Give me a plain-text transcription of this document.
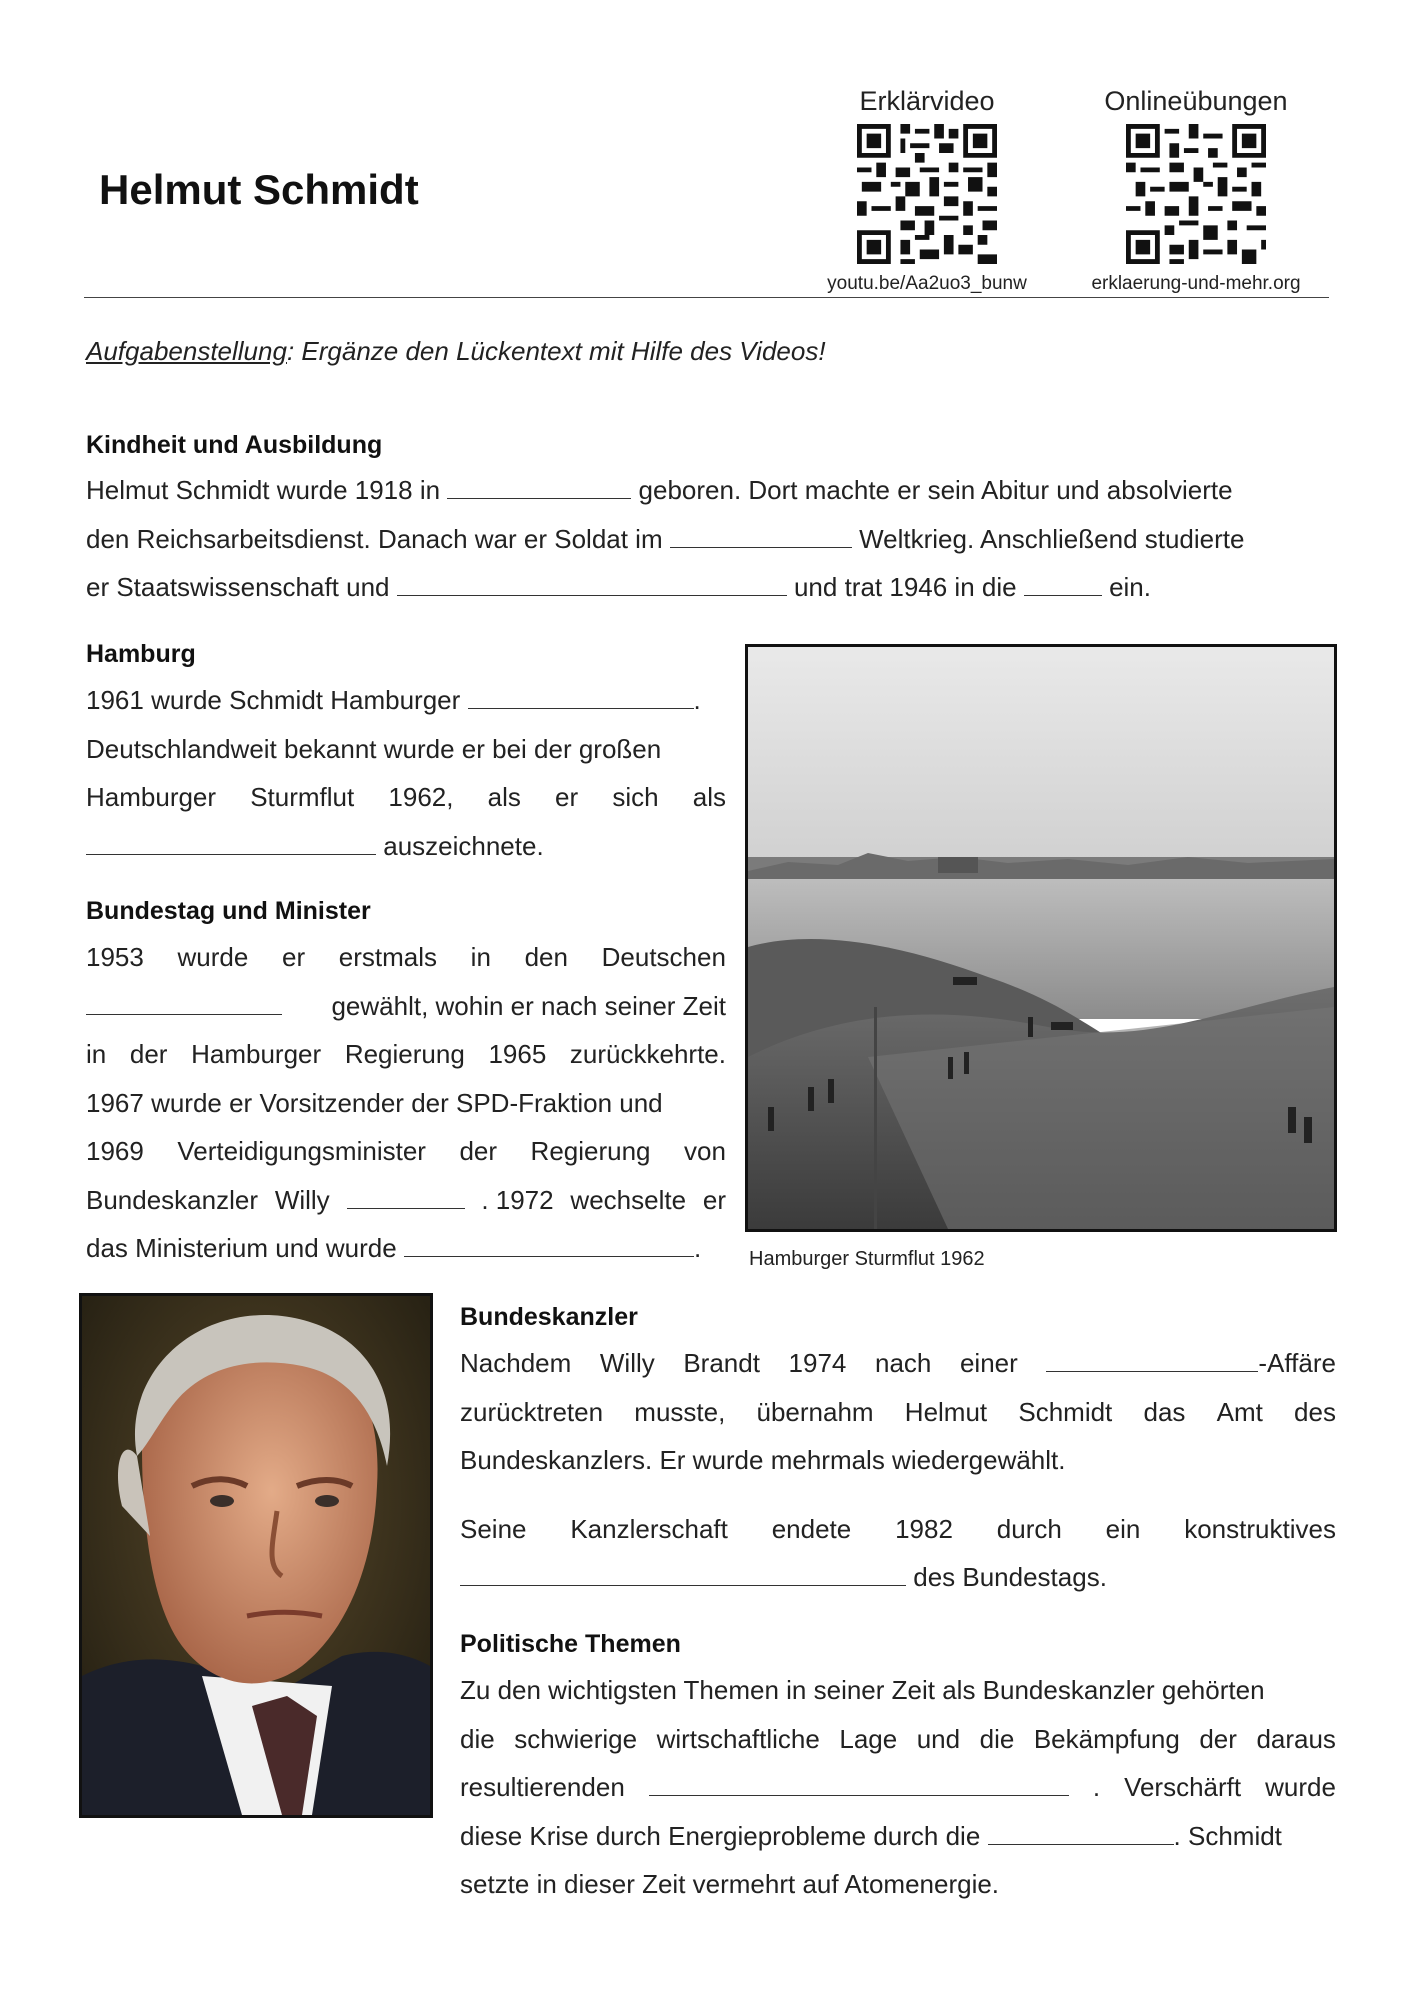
Helmut Schmidt
Erklärvideo
youtu.be/Aa2uo3_bunw
Onlineübungen
erklaerung-und-mehr.org
Aufgabenstellung: Ergänze den Lückentext mit Hilfe des Videos!
Kindheit und Ausbildung
Helmut Schmidt wurde 1918 in	geboren. Dort machte er sein Abitur und absolvierte
den Reichsarbeitsdienst. Danach war er Soldat im	Weltkrieg. Anschließend studierte
er Staatswissenschaft und	und trat 1946 in die	ein.
Hamburg
1961 wurde Schmidt Hamburger	.
Deutschlandweit bekannt wurde er bei der großen
Hamburger Sturmflut 1962, als er sich als
auszeichnete.
Bundestag und Minister
1953 wurde er erstmals in den Deutschen
gewählt, wohin er nach seiner Zeit
in der Hamburger Regierung 1965 zurückkehrte.
1967 wurde er Vorsitzender der SPD-Fraktion und
1969 Verteidigungsminister der Regierung von
Bundeskanzler Willy	. 1972 wechselte er
das Ministerium und wurde	.	Hamburger Sturmflut 1962
Bundeskanzler
Nachdem Willy Brandt 1974 nach einer	-Affäre
zurücktreten musste, übernahm Helmut Schmidt das Amt des
Bundeskanzlers. Er wurde mehrmals wiedergewählt.
Seine Kanzlerschaft endete 1982 durch ein konstruktives
des Bundestags.
Politische Themen
Zu den wichtigsten Themen in seiner Zeit als Bundeskanzler gehörten
die schwierige wirtschaftliche Lage und die Bekämpfung der daraus
resultierenden	. Verschärft wurde
diese Krise durch Energieprobleme durch die	. Schmidt
setzte in dieser Zeit vermehrt auf Atomenergie.
